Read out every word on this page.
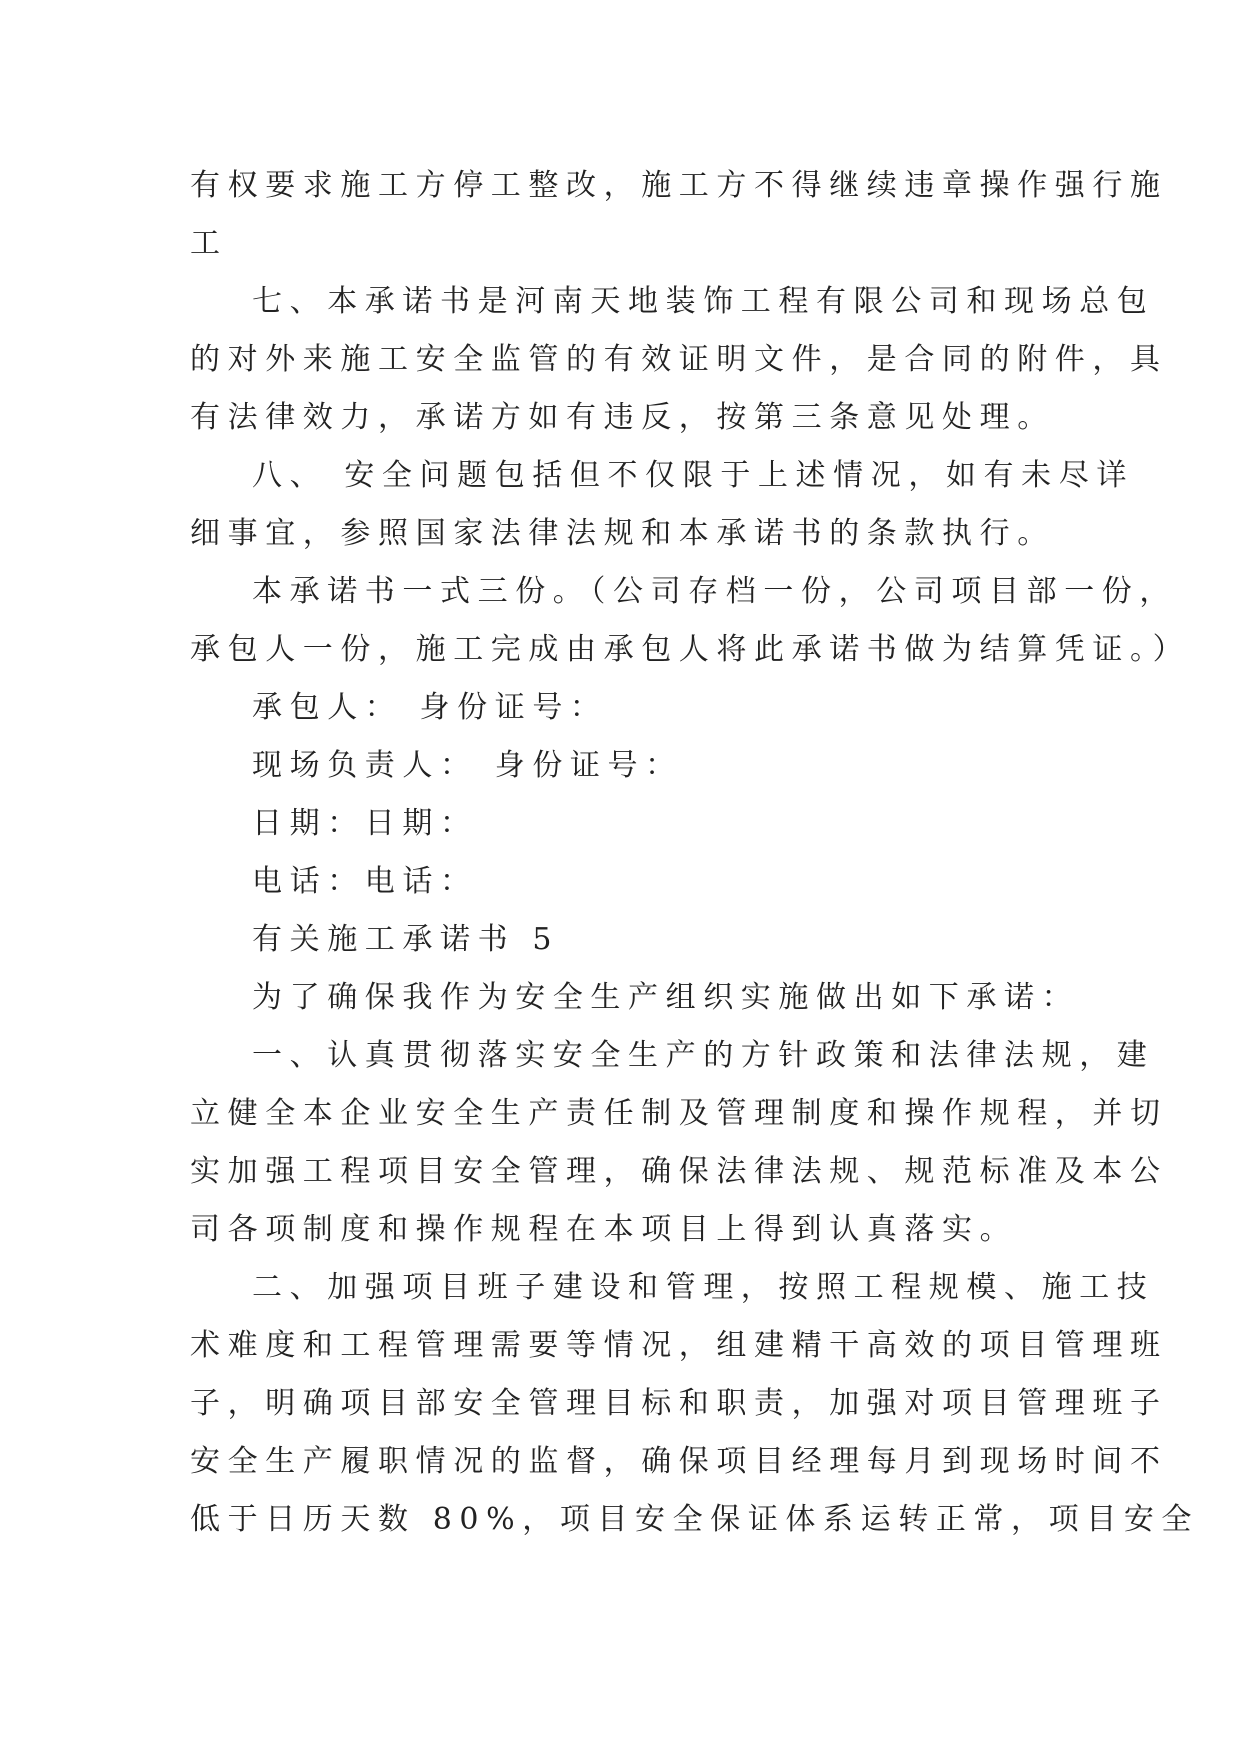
有权要求施工方停工整改，施工方不得继续违章操作强行施
工
七、本承诺书是河南天地装饰工程有限公司和现场总包
的对外来施工安全监管的有效证明文件，是合同的附件，具
有法律效力，承诺方如有违反，按第三条意见处理。
八、 安全问题包括但不仅限于上述情况，如有未尽详
细事宜，参照国家法律法规和本承诺书的条款执行。
本承诺书一式三份。（公司存档一份，公司项目部一份，
承包人一份，施工完成由承包人将此承诺书做为结算凭证。）
承包人： 身份证号：
现场负责人： 身份证号：
日期：日期：
电话：电话：
有关施工承诺书 5
为了确保我作为安全生产组织实施做出如下承诺：
一、认真贯彻落实安全生产的方针政策和法律法规，建
立健全本企业安全生产责任制及管理制度和操作规程，并切
实加强工程项目安全管理，确保法律法规、规范标准及本公
司各项制度和操作规程在本项目上得到认真落实。
二、加强项目班子建设和管理，按照工程规模、施工技
术难度和工程管理需要等情况，组建精干高效的项目管理班
子，明确项目部安全管理目标和职责，加强对项目管理班子
安全生产履职情况的监督，确保项目经理每月到现场时间不
低于日历天数 80%，项目安全保证体系运转正常，项目安全
